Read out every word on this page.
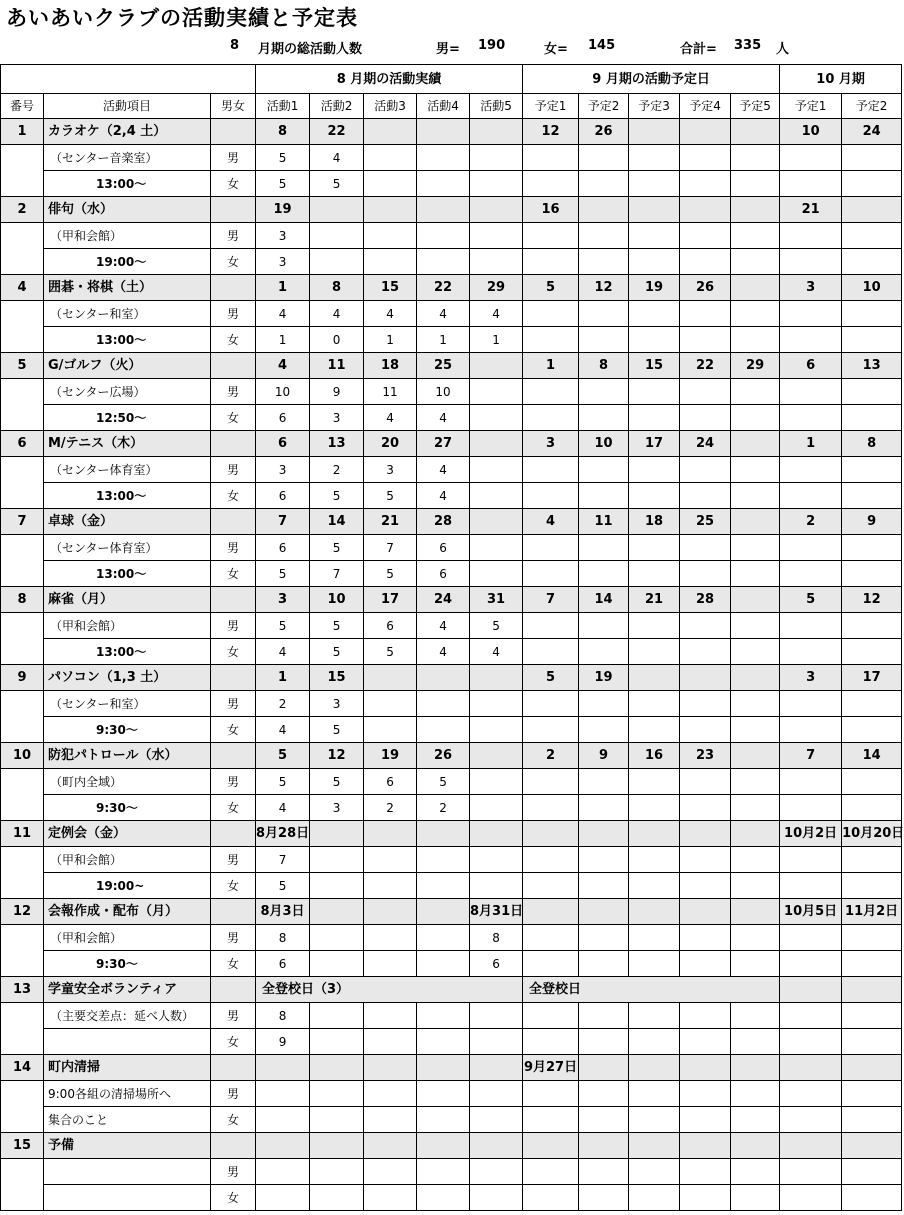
あいあいクラブの活動実績と予定表
8 月期の総活動人数	男= 190	女= 145	合計= 335 人
			8 月期の活動実績					9 月期の活動予定日					10 月期	
番号	活動項目	男女	活動1	活動2	活動3	活動4	活動5	予定1	予定2	予定3	予定4	予定5	予定1	予定2
1	カラオケ（2,4 土）		8	22				12	26				10	24
	（センター音楽室）	男	5	4										
	13:00～	女	5	5										
2	俳句（水）		19					16					21	
	（甲和会館）	男	3											
	19:00～	女	3											
4	囲碁・将棋（土）		1	8	15	22	29	5	12	19	26		3	10
	（センター和室）	男	4	4	4	4	4							
	13:00～	女	1	0	1	1	1							
5	G/ゴルフ（火）		4	11	18	25		1	8	15	22	29	6	13
	（センター広場）	男	10	9	11	10								
	12:50～	女	6	3	4	4								
6	M/テニス（木）		6	13	20	27		3	10	17	24		1	8
	（センター体育室）	男	3	2	3	4								
	13:00～	女	6	5	5	4								
7	卓球（金）		7	14	21	28		4	11	18	25		2	9
	（センター体育室）	男	6	5	7	6								
	13:00～	女	5	7	5	6								
8	麻雀（月）		3	10	17	24	31	7	14	21	28		5	12
	（甲和会館）	男	5	5	6	4	5							
	13:00～	女	4	5	5	4	4							
9	パソコン（1,3 土）		1	15				5	19				3	17
	（センター和室）	男	2	3										
	9:30～	女	4	5										
10	防犯パトロール（水）		5	12	19	26		2	9	16	23		7	14
	（町内全域）	男	5	5	6	5								
	9:30～	女	4	3	2	2								
11	定例会（金）		8月28日										10月2日	10月20日
	（甲和会館）	男	7											
	19:00~	女	5											
12	会報作成・配布（月）		8月3日				8月31日						10月5日	11月2日
	（甲和会館）	男	8				8							
	9:30～	女	6				6							
13	学童安全ボランティア		全登校日（3）					全登校日						
	（主要交差点：延べ人数）	男	8											
		女	9											
14	町内清掃							9月27日						
	9:00各組の清掃場所へ	男												
	集合のこと	女												
15	予備													
		男												
		女												
